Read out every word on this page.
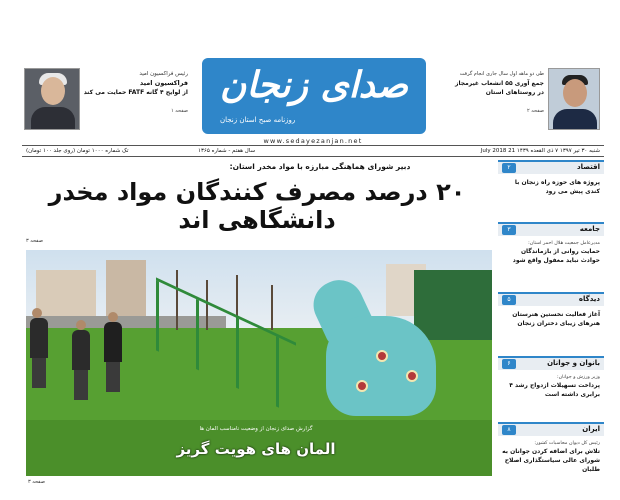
رئیس فراکسیون امید
فراکسیون امید
از لوایح ۴ گانه FATF حمایت می کند
صفحه ۱
صدای زنجان
روزنامه صبح استان زنجان
www.sedayezanjan.net
طی دو ماهه اول سال جاری انجام گرفت
جمع آوری ۵۵ انشعاب غیرمجاز
در روستاهای استان
صفحه ۲
شنبه ۳۰ تیر ۱۳۹۷ ۷ ذی القعده ۱۴۳۹ 21 July 2018
سال هفتم - شماره ۱۳۶۵
تک شماره ۱۰۰۰ تومان (روی جلد ۱۰۰ تومان)
دبیر شورای هماهنگی مبارزه با مواد مخدر استان:
۲۰ درصد مصرف کنندگان مواد مخدر دانشگاهی اند
صفحه ۳
گزارش صدای زنجان از وضعیت نامناسب المان ها
المان های هویت گریز
صفحه ۳
اقتصاد
۲
پروژه های حوزه راه زنجان با کندی پیش می رود
جامعه
۳
مدیرعامل جمعیت هلال احمر استان:
حمایت روانی از بازماندگان حوادث نباید مغفول واقع شود
دیدگاه
۵
آغاز فعالیت نخستین هنرستان هنرهای زیبای دختران زنجان
بانوان و جوانان
۶
وزیر ورزش و جوانان:
پرداخت تسهیلات ازدواج رشد ۴ برابری داشته است
ایران
۸
رئیس کل دیوان محاسبات کشور:
تلاش برای اضافه کردن جوانان به شورای عالی سیاستگذاری اصلاح طلبان
